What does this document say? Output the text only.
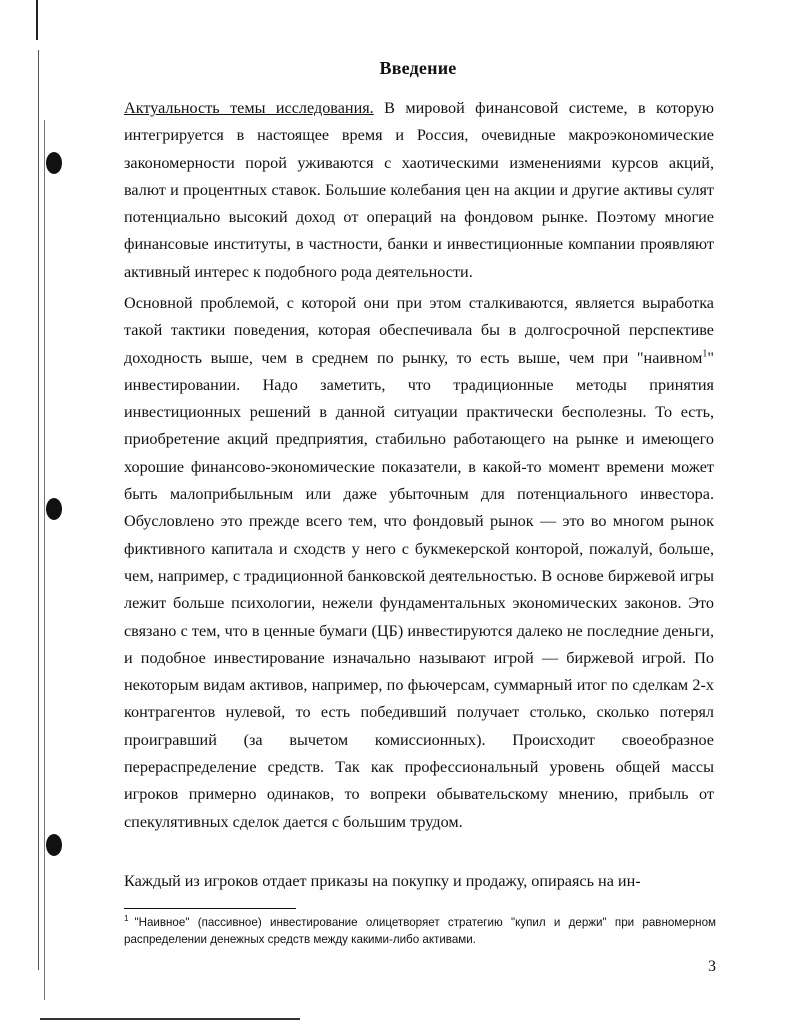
Введение

Актуальность темы исследования. В мировой финансовой системе, в которую интегрируется в настоящее время и Россия, очевидные макроэкономические закономерности порой уживаются с хаотическими изменениями курсов акций, валют и процентных ставок. Большие колебания цен на акции и другие активы сулят потенциально высокий доход от операций на фондовом рынке. Поэтому многие финансовые институты, в частности, банки и инвестиционные компании проявляют активный интерес к подобного рода деятельности.

Основной проблемой, с которой они при этом сталкиваются, является выработка такой тактики поведения, которая обеспечивала бы в долгосрочной перспективе доходность выше, чем в среднем по рынку, то есть выше, чем при "наивном$^1$" инвестировании. Надо заметить, что традиционные методы принятия инвестиционных решений в данной ситуации практически бесполезны. То есть, приобретение акций предприятия, стабильно работающего на рынке и имеющего хорошие финансово-экономические показатели, в какой-то момент времени может быть малоприбыльным или даже убыточным для потенциального инвестора. Обусловлено это прежде всего тем, что фондовый рынок — это во многом рынок фиктивного капитала и сходств у него с букмекерской конторой, пожалуй, больше, чем, например, с традиционной банковской деятельностью. В основе биржевой игры лежит больше психологии, нежели фундаментальных экономических законов. Это связано с тем, что в ценные бумаги (ЦБ) инвестируются далеко не последние деньги, и подобное инвестирование изначально называют игрой — биржевой игрой. По некоторым видам активов, например, по фьючерсам, суммарный итог по сделкам 2-х контрагентов нулевой, то есть победивший получает столько, сколько потерял проигравший (за вычетом комиссионных). Происходит своеобразное перераспределение средств. Так как профессиональный уровень общей массы игроков примерно одинаков, то вопреки обывательскому мнению, прибыль от спекулятивных сделок дается с большим трудом.

Каждый из игроков отдает приказы на покупку и продажу, опираясь на ин-

$^1$ "Наивное" (пассивное) инвестирование олицетворяет стратегию "купил и держи" при равномерном распределении денежных средств между какими-либо активами.

3
